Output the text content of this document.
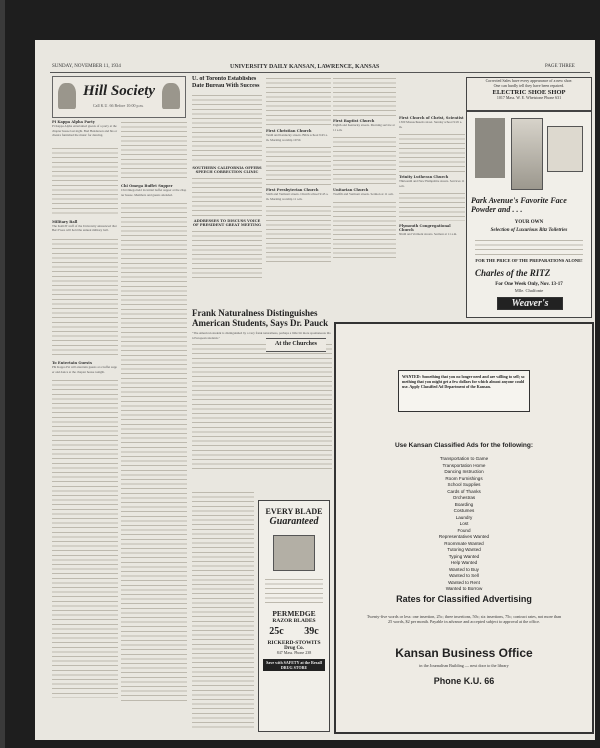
SUNDAY, NOVEMBER 11, 1934	UNIVERSITY DAILY KANSAN, LAWRENCE, KANSAS	PAGE THREE
Hill Society
Call K.U. 66 Before 10:00 p.m.
Pi Kappa Alpha Party
Pi Kappa Alpha entertained guests of a party at the chapter house last night. Bud Henderson and his orchestra furnished the music for dancing.
Military Ball
The KAKIT staff of the University announced that Bert Frees will hold the annual military ball.
To Entertain Guests
Phi Kappa Psi will entertain guests at a buffet supper and dance at the chapter house tonight.
Chi Omega Buffet Supper
Chi Omega held its initial buffet supper at the chapter house. Members and guests attended.
U. of Toronto Establishes Date Bureau With Success
SOUTHERN CALIFORNIA OFFERS SPEECH CORRECTION CLINIC
ADDRESSES TO DISCUSS VOICE OF PRESIDENT GREAT MEETING
First Christian Church
Tenth and Kentucky streets. Bible school 9:45 a.m. Morning worship 10:50.
First Presbyterian Church
Sixth and Vermont streets. Church school 9:45 a.m. Morning worship 11 a.m.
First Baptist Church
Eighth and Kentucky streets. Morning service at 11 a.m.
Unitarian Church
Twelfth and Vermont streets. Sermon at 11 a.m.
First Church of Christ, Scientist
1300 Massachusetts street. Sunday school 9:45 a.m.
Trinity Lutheran Church
Thirteenth and New Hampshire streets. Services 11 a.m.
Plymouth Congregational Church
Ninth and Vermont streets. Sermon at 11 a.m.
Corrected Sales have every appearance of a new shoe.
One can hardly tell they have been repaired.
ELECTRIC SHOE SHOP
1017 Mass. W. E. Whetstone Phone 631
Park Avenue's Favorite Face Powder and . . .
YOUR OWN
Selection of Luxurious Ritz Toiletries
FOR THE PRICE OF THE PREPARATIONS ALONE!
Charles of the RITZ
For One Week Only, Nov. 13-17
Mlle. Chalfonte
Weaver's
Frank Naturalness Distinguishes American Students, Says Dr. Pauck
"The American student is distinguished by a very frank naturalness, perhaps a little bit more spontaneous than European students."
At the Churches
EVERY BLADE
Guaranteed
PERMEDGE
RAZOR BLADES
25c 39c
RICKERD-STOWITS
Drug Co.
847 Mass. Phone 238
Save with SAFETY at the Rexall DRUG STORE
WANTED: Something that you no longer need and are willing to sell; something that you might get a few dollars for which almost anyone could use. Apply Classified Ad Department of the Kansan.
Use Kansan Classified Ads for the following:
Transportation to Game
Transportation Home
Dancing Instruction
Room Furnishings
School Supplies
Cards of Thanks
Orchestras
Boarding
Costumes
Laundry
Lost
Found
Representatives Wanted
Roommate Wanted
Tutoring Wanted
Typing Wanted
Help Wanted
Wanted to Buy
Wanted to Sell
Wanted to Rent
Wanted to Borrow
Rates for Classified Advertising
Twenty-five words or less: one insertion, 25c; three insertions, 50c; six insertions, 75c; contract rates, not more than 25 words, $2 per month. Payable in advance and accepted subject to approval at the office.
Kansan Business Office
in the Journalism Building — next door to the library
Phone K.U. 66
